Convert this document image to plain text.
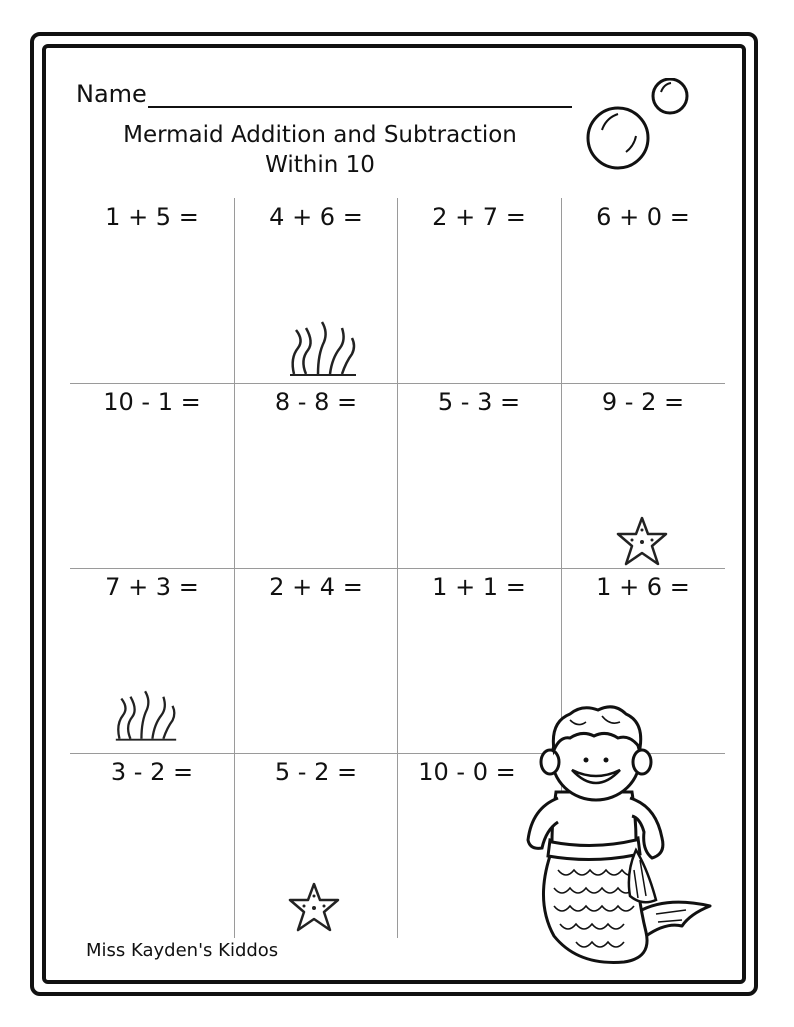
Name
Mermaid Addition and Subtraction
Within 10
1 + 5 =	4 + 6 =	2 + 7 =	6 + 0 =
10 - 1 =	8 - 8 =	5 - 3 =	9 - 2 =
7 + 3 =	2 + 4 =	1 + 1 =	1 + 6 =
3 - 2 =	5 - 2 =	10 - 0 =
Miss Kayden's Kiddos
